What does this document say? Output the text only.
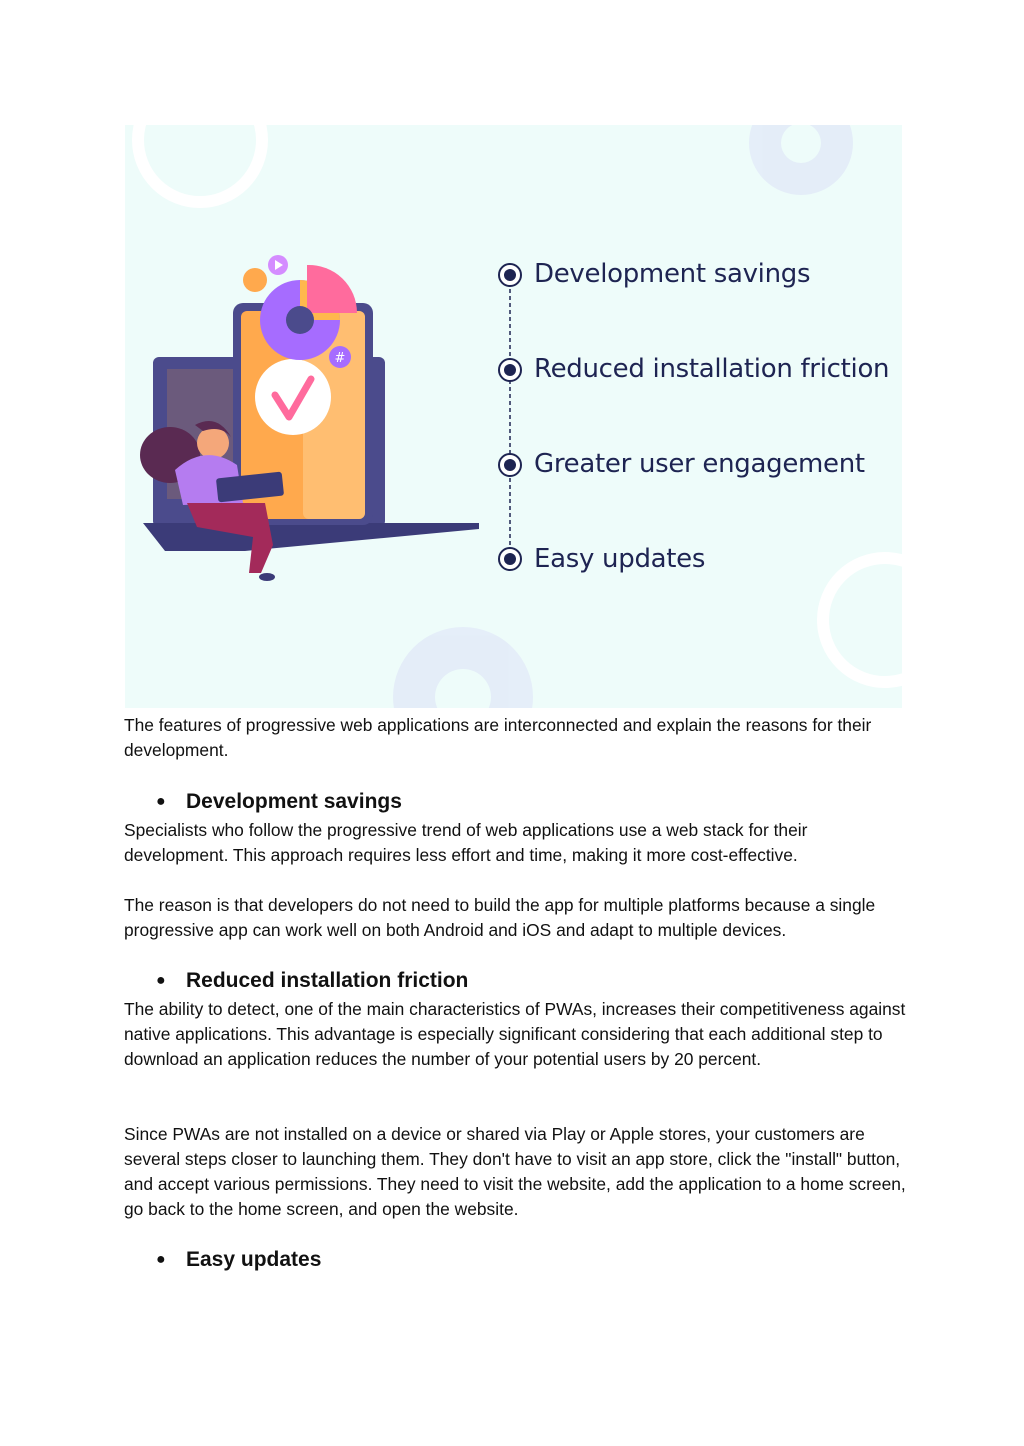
#
Development savings
Reduced installation friction
Greater user engagement
Easy updates

The features of progressive web applications are interconnected and explain the reasons for their development.

● Development savings

Specialists who follow the progressive trend of web applications use a web stack for their development. This approach requires less effort and time, making it more cost-effective.

The reason is that developers do not need to build the app for multiple platforms because a single progressive app can work well on both Android and iOS and adapt to multiple devices.

● Reduced installation friction

The ability to detect, one of the main characteristics of PWAs, increases their competitiveness against native applications. This advantage is especially significant considering that each additional step to download an application reduces the number of your potential users by 20 percent.

Since PWAs are not installed on a device or shared via Play or Apple stores, your customers are several steps closer to launching them. They don't have to visit an app store, click the "install" button, and accept various permissions. They need to visit the website, add the application to a home screen, go back to the home screen, and open the website.

● Easy updates
